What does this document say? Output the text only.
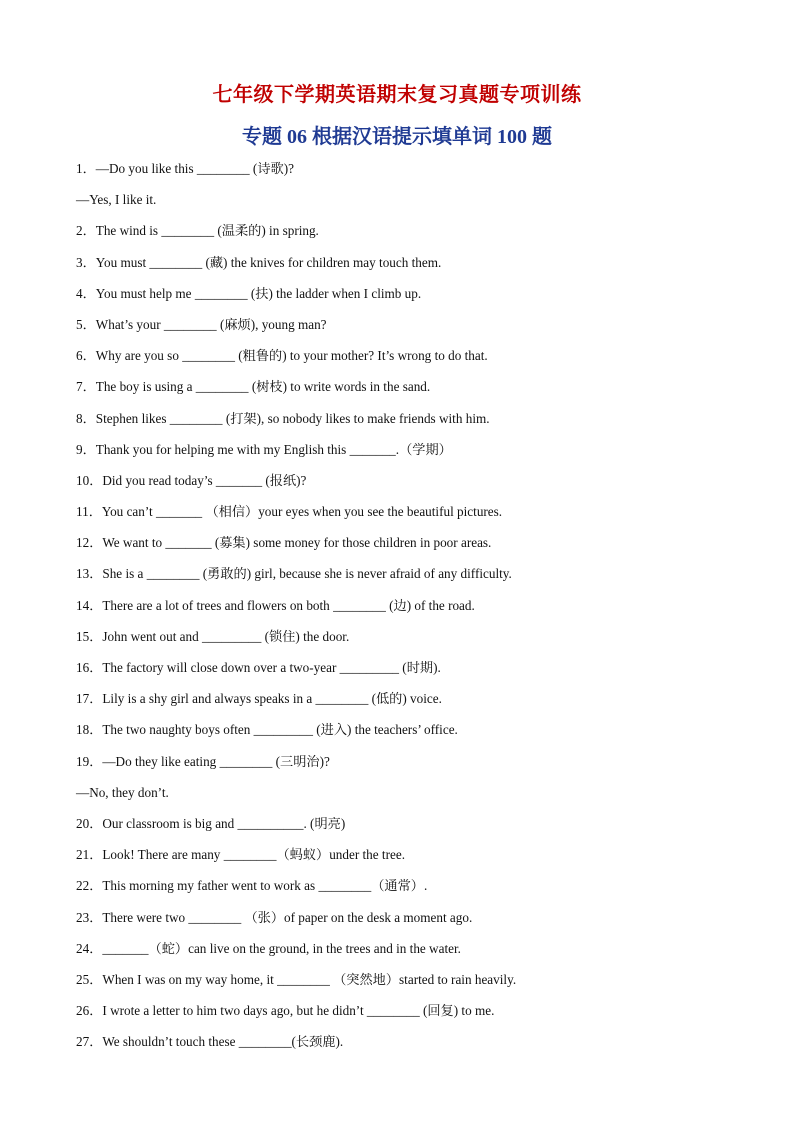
七年级下学期英语期末复习真题专项训练
专题 06 根据汉语提示填单词 100 题
1．—Do you like this ________ (诗歌)?
—Yes, I like it.
2．The wind is ________ (温柔的) in spring.
3．You must ________ (藏) the knives for children may touch them.
4．You must help me ________ (扶) the ladder when I climb up.
5．What’s your ________ (麻烦), young man?
6．Why are you so ________ (粗鲁的) to your mother? It’s wrong to do that.
7．The boy is using a ________ (树枝) to write words in the sand.
8．Stephen likes ________ (打架), so nobody likes to make friends with him.
9．Thank you for helping me with my English this _______.（学期）
10．Did you read today’s _______ (报纸)?
11．You can’t _______ （相信）your eyes when you see the beautiful pictures.
12．We want to _______ (募集) some money for those children in poor areas.
13．She is a ________ (勇敢的) girl, because she is never afraid of any difficulty.
14．There are a lot of trees and flowers on both ________ (边) of the road.
15．John went out and _________ (锁住) the door.
16．The factory will close down over a two-year _________ (时期).
17．Lily is a shy girl and always speaks in a ________ (低的) voice.
18．The two naughty boys often _________ (进入) the teachers’ office.
19．—Do they like eating ________ (三明治)?
—No, they don’t.
20．Our classroom is big and __________. (明亮)
21．Look! There are many ________（蚂蚁）under the tree.
22．This morning my father went to work as ________（通常）.
23．There were two ________ （张）of paper on the desk a moment ago.
24．_______（蛇）can live on the ground, in the trees and in the water.
25．When I was on my way home, it ________ （突然地）started to rain heavily.
26．I wrote a letter to him two days ago, but he didn’t ________ (回复) to me.
27．We shouldn’t touch these ________(长颈鹿).
